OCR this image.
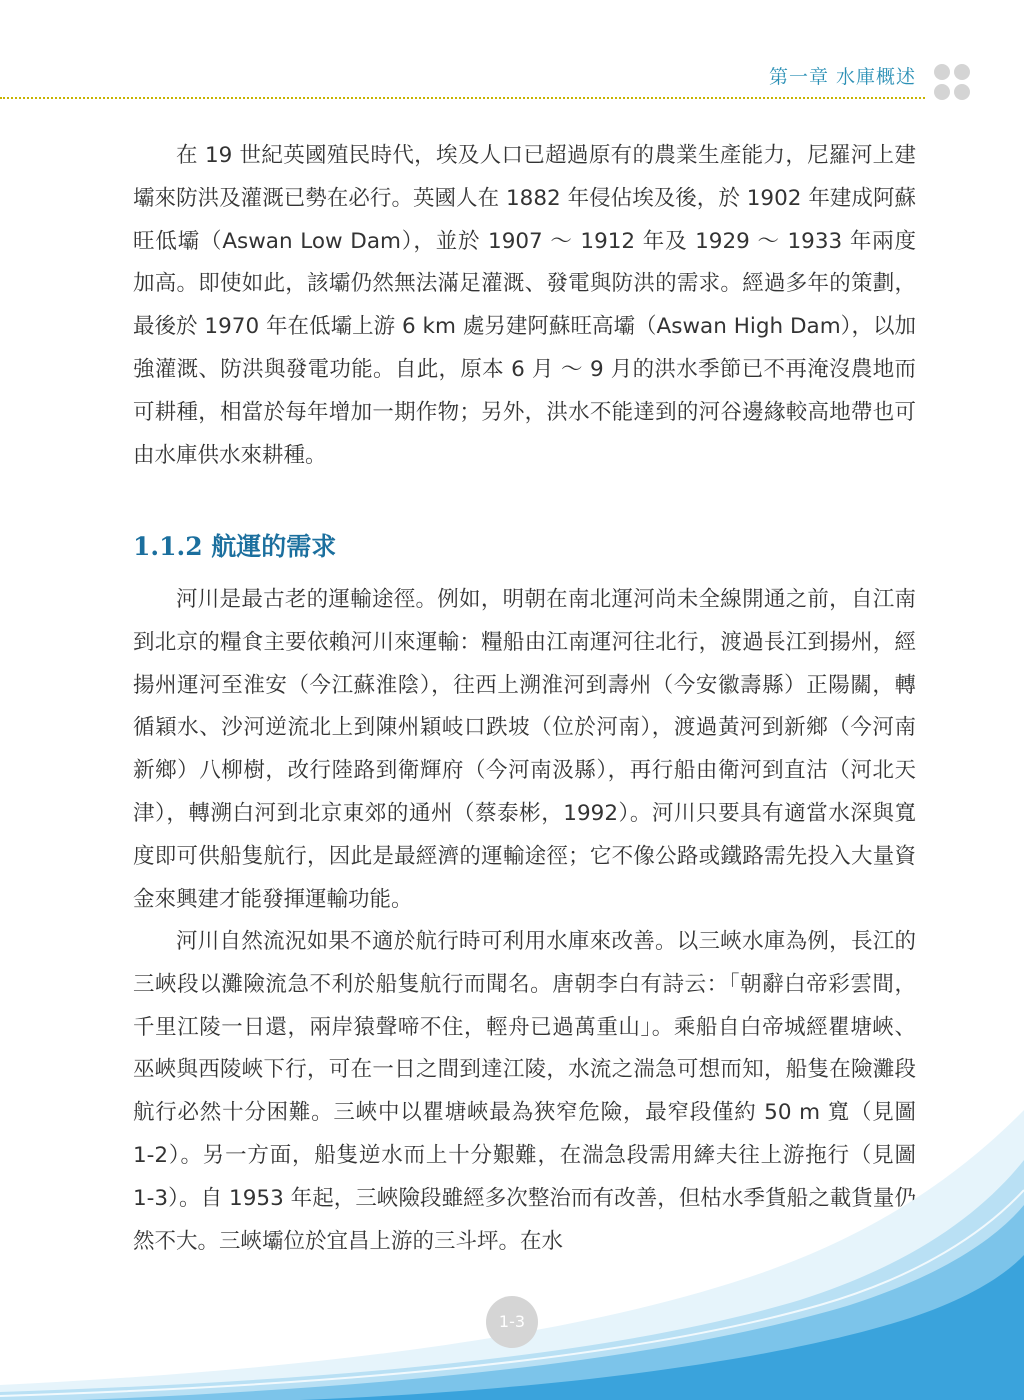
第一章 水庫概述

在 19 世紀英國殖民時代，埃及人口已超過原有的農業生產能力，尼羅河上建壩來防洪及灌溉已勢在必行。英國人在 1882 年侵佔埃及後，於 1902 年建成阿蘇旺低壩（Aswan Low Dam），並於 1907 ～ 1912 年及 1929 ～ 1933 年兩度加高。即使如此，該壩仍然無法滿足灌溉、發電與防洪的需求。經過多年的策劃，最後於 1970 年在低壩上游 6 km 處另建阿蘇旺高壩（Aswan High Dam），以加強灌溉、防洪與發電功能。自此，原本 6 月 ～ 9 月的洪水季節已不再淹沒農地而可耕種，相當於每年增加一期作物；另外，洪水不能達到的河谷邊緣較高地帶也可由水庫供水來耕種。

1.1.2 航運的需求

河川是最古老的運輸途徑。例如，明朝在南北運河尚未全線開通之前，自江南到北京的糧食主要依賴河川來運輸：糧船由江南運河往北行，渡過長江到揚州，經揚州運河至淮安（今江蘇淮陰），往西上溯淮河到壽州（今安徽壽縣）正陽關，轉循穎水、沙河逆流北上到陳州穎岐口跌坡（位於河南），渡過黃河到新鄉（今河南新鄉）八柳樹，改行陸路到衛輝府（今河南汲縣），再行船由衛河到直沽（河北天津），轉溯白河到北京東郊的通州（蔡泰彬，1992）。河川只要具有適當水深與寬度即可供船隻航行，因此是最經濟的運輸途徑；它不像公路或鐵路需先投入大量資金來興建才能發揮運輸功能。

河川自然流況如果不適於航行時可利用水庫來改善。以三峽水庫為例，長江的三峽段以灘險流急不利於船隻航行而聞名。唐朝李白有詩云：「朝辭白帝彩雲間，千里江陵一日還，兩岸猿聲啼不住，輕舟已過萬重山」。乘船自白帝城經瞿塘峽、巫峽與西陵峽下行，可在一日之間到達江陵，水流之湍急可想而知，船隻在險灘段航行必然十分困難。三峽中以瞿塘峽最為狹窄危險，最窄段僅約 50 m 寬（見圖 1-2）。另一方面，船隻逆水而上十分艱難，在湍急段需用縴夫往上游拖行（見圖 1-3）。自 1953 年起，三峽險段雖經多次整治而有改善，但枯水季貨船之載貨量仍然不大。三峽壩位於宜昌上游的三斗坪。在水

1-3
